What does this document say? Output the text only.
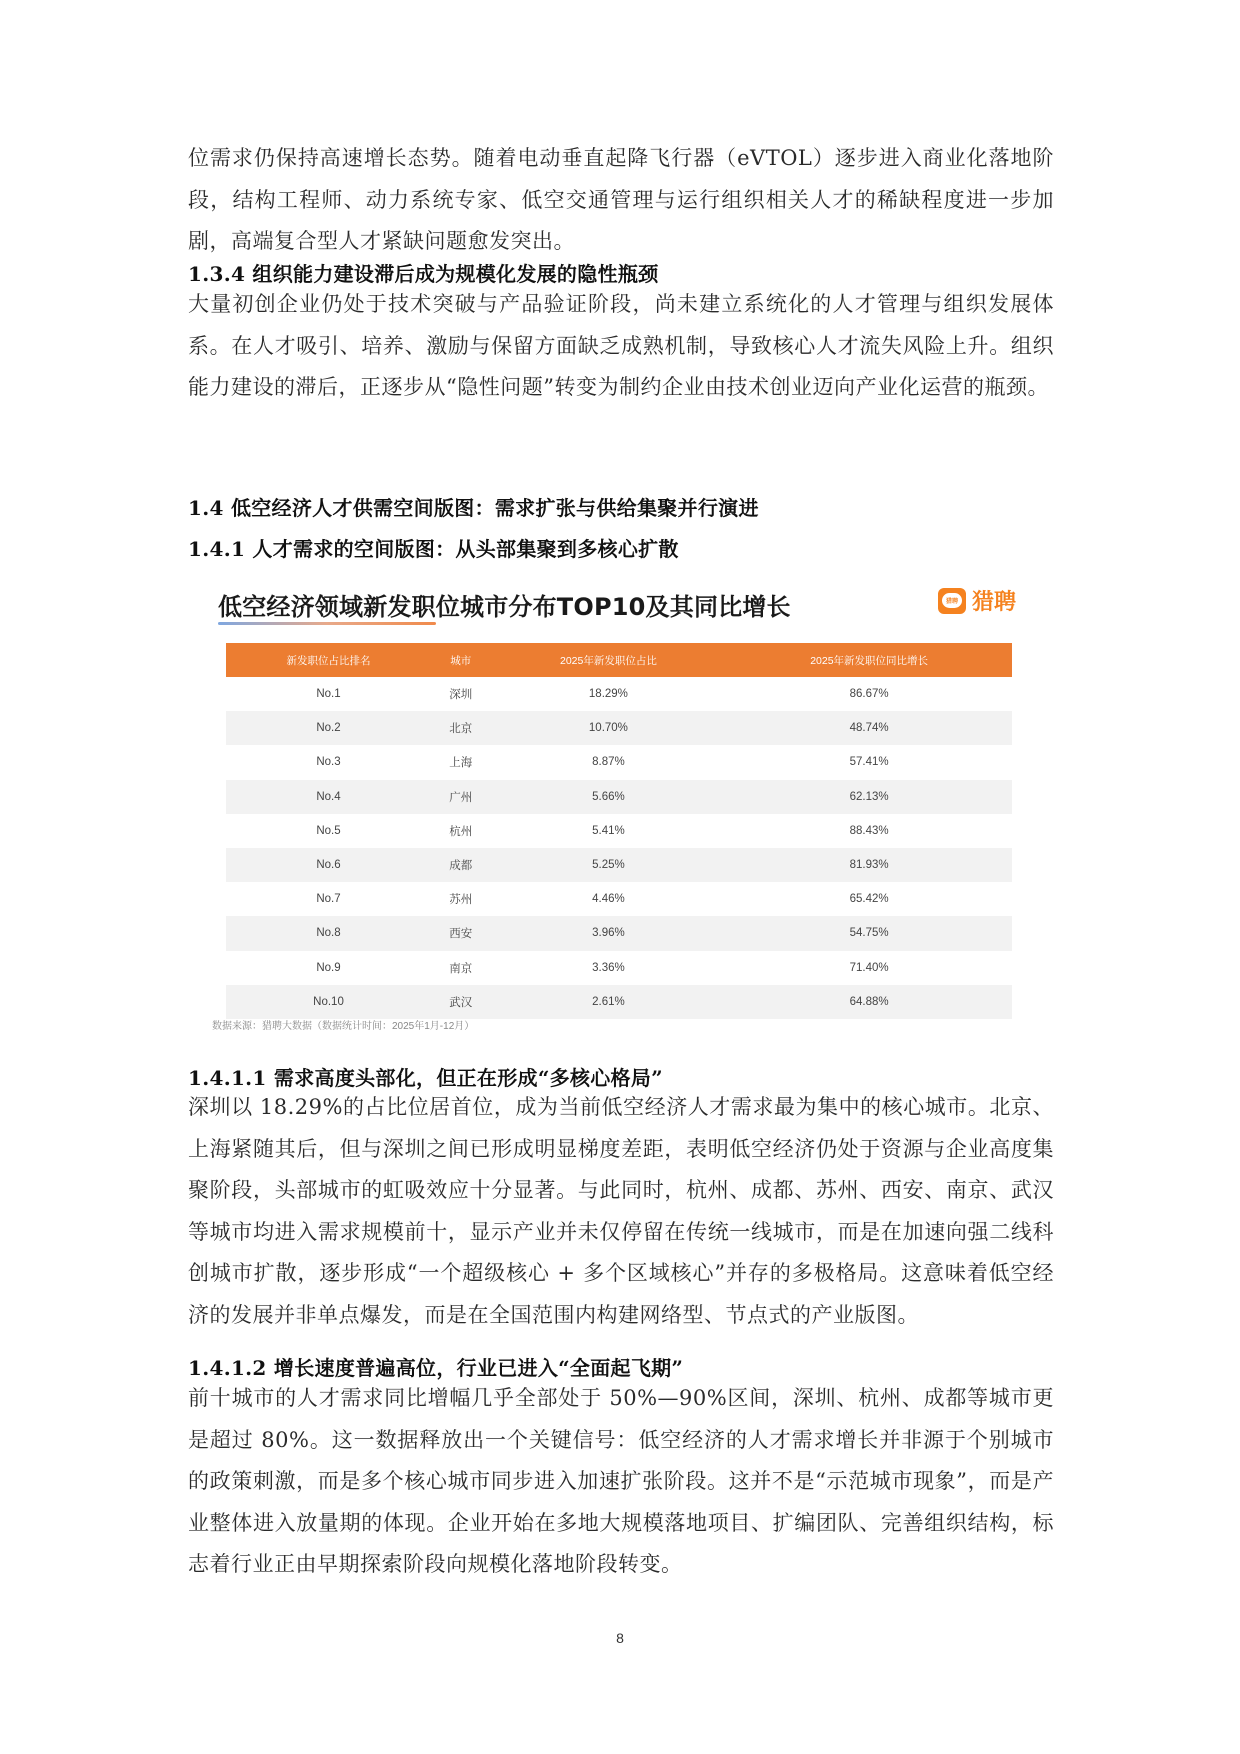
位需求仍保持高速增长态势。随着电动垂直起降飞行器（eVTOL）逐步进入商业化落地阶段，结构工程师、动力系统专家、低空交通管理与运行组织相关人才的稀缺程度进一步加剧，高端复合型人才紧缺问题愈发突出。
1.3.4 组织能力建设滞后成为规模化发展的隐性瓶颈
大量初创企业仍处于技术突破与产品验证阶段，尚未建立系统化的人才管理与组织发展体系。在人才吸引、培养、激励与保留方面缺乏成熟机制，导致核心人才流失风险上升。组织能力建设的滞后，正逐步从“隐性问题”转变为制约企业由技术创业迈向产业化运营的瓶颈。
1.4 低空经济人才供需空间版图：需求扩张与供给集聚并行演进
1.4.1 人才需求的空间版图：从头部集聚到多核心扩散
低空经济领域新发职位城市分布TOP10及其同比增长	猎聘 猎聘
新发职位占比排名	城市	2025年新发职位占比	2025年新发职位同比增长
No.1	深圳	18.29%	86.67%
No.2	北京	10.70%	48.74%
No.3	上海	8.87%	57.41%
No.4	广州	5.66%	62.13%
No.5	杭州	5.41%	88.43%
No.6	成都	5.25%	81.93%
No.7	苏州	4.46%	65.42%
No.8	西安	3.96%	54.75%
No.9	南京	3.36%	71.40%
No.10	武汉	2.61%	64.88%
数据来源：猎聘大数据（数据统计时间：2025年1月-12月）
1.4.1.1 需求高度头部化，但正在形成“多核心格局”
深圳以 18.29%的占比位居首位，成为当前低空经济人才需求最为集中的核心城市。北京、上海紧随其后，但与深圳之间已形成明显梯度差距，表明低空经济仍处于资源与企业高度集聚阶段，头部城市的虹吸效应十分显著。与此同时，杭州、成都、苏州、西安、南京、武汉等城市均进入需求规模前十，显示产业并未仅停留在传统一线城市，而是在加速向强二线科创城市扩散，逐步形成“一个超级核心 + 多个区域核心”并存的多极格局。这意味着低空经济的发展并非单点爆发，而是在全国范围内构建网络型、节点式的产业版图。
1.4.1.2 增长速度普遍高位，行业已进入“全面起飞期”
前十城市的人才需求同比增幅几乎全部处于 50%—90%区间，深圳、杭州、成都等城市更是超过 80%。这一数据释放出一个关键信号：低空经济的人才需求增长并非源于个别城市的政策刺激，而是多个核心城市同步进入加速扩张阶段。这并不是“示范城市现象”，而是产业整体进入放量期的体现。企业开始在多地大规模落地项目、扩编团队、完善组织结构，标志着行业正由早期探索阶段向规模化落地阶段转变。
8
